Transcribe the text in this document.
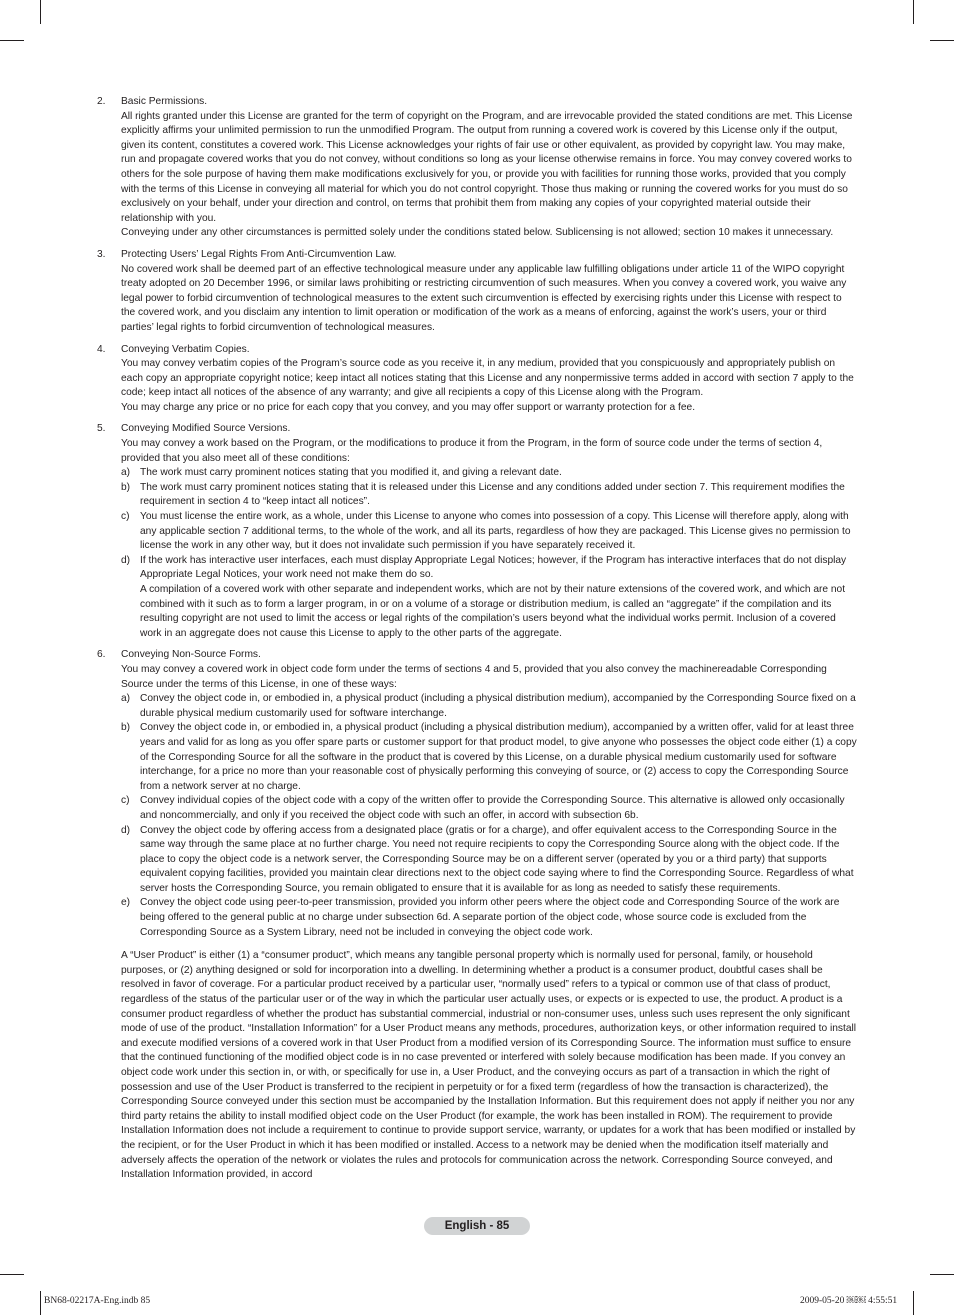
2. Basic Permissions.

All rights granted under this License are granted for the term of copyright on the Program, and are irrevocable provided the stated conditions are met. This License explicitly affirms your unlimited permission to run the unmodified Program. The output from running a covered work is covered by this License only if the output, given its content, constitutes a covered work. This License acknowledges your rights of fair use or other equivalent, as provided by copyright law. You may make, run and propagate covered works that you do not convey, without conditions so long as your license otherwise remains in force. You may convey covered works to others for the sole purpose of having them make modifications exclusively for you, or provide you with facilities for running those works, provided that you comply with the terms of this License in conveying all material for which you do not control copyright. Those thus making or running the covered works for you must do so exclusively on your behalf, under your direction and control, on terms that prohibit them from making any copies of your copyrighted material outside their relationship with you.

Conveying under any other circumstances is permitted solely under the conditions stated below. Sublicensing is not allowed; section 10 makes it unnecessary.

3. Protecting Users’ Legal Rights From Anti-Circumvention Law.

No covered work shall be deemed part of an effective technological measure under any applicable law fulfilling obligations under article 11 of the WIPO copyright treaty adopted on 20 December 1996, or similar laws prohibiting or restricting circumvention of such measures. When you convey a covered work, you waive any legal power to forbid circumvention of technological measures to the extent such circumvention is effected by exercising rights under this License with respect to the covered work, and you disclaim any intention to limit operation or modification of the work as a means of enforcing, against the work’s users, your or third parties’ legal rights to forbid circumvention of technological measures.

4. Conveying Verbatim Copies.

You may convey verbatim copies of the Program’s source code as you receive it, in any medium, provided that you conspicuously and appropriately publish on each copy an appropriate copyright notice; keep intact all notices stating that this License and any nonpermissive terms added in accord with section 7 apply to the code; keep intact all notices of the absence of any warranty; and give all recipients a copy of this License along with the Program.

You may charge any price or no price for each copy that you convey, and you may offer support or warranty protection for a fee.

5. Conveying Modified Source Versions.

You may convey a work based on the Program, or the modifications to produce it from the Program, in the form of source code under the terms of section 4, provided that you also meet all of these conditions:

a) The work must carry prominent notices stating that you modified it, and giving a relevant date.

b) The work must carry prominent notices stating that it is released under this License and any conditions added under section 7. This requirement modifies the requirement in section 4 to “keep intact all notices”.

c) You must license the entire work, as a whole, under this License to anyone who comes into possession of a copy. This License will therefore apply, along with any applicable section 7 additional terms, to the whole of the work, and all its parts, regardless of how they are packaged. This License gives no permission to license the work in any other way, but it does not invalidate such permission if you have separately received it.

d) If the work has interactive user interfaces, each must display Appropriate Legal Notices; however, if the Program has interactive interfaces that do not display Appropriate Legal Notices, your work need not make them do so.

A compilation of a covered work with other separate and independent works, which are not by their nature extensions of the covered work, and which are not combined with it such as to form a larger program, in or on a volume of a storage or distribution medium, is called an “aggregate” if the compilation and its resulting copyright are not used to limit the access or legal rights of the compilation’s users beyond what the individual works permit. Inclusion of a covered work in an aggregate does not cause this License to apply to the other parts of the aggregate.

6. Conveying Non-Source Forms.

You may convey a covered work in object code form under the terms of sections 4 and 5, provided that you also convey the machinereadable Corresponding Source under the terms of this License, in one of these ways:

a) Convey the object code in, or embodied in, a physical product (including a physical distribution medium), accompanied by the Corresponding Source fixed on a durable physical medium customarily used for software interchange.

b) Convey the object code in, or embodied in, a physical product (including a physical distribution medium), accompanied by a written offer, valid for at least three years and valid for as long as you offer spare parts or customer support for that product model, to give anyone who possesses the object code either (1) a copy of the Corresponding Source for all the software in the product that is covered by this License, on a durable physical medium customarily used for software interchange, for a price no more than your reasonable cost of physically performing this conveying of source, or (2) access to copy the Corresponding Source from a network server at no charge.

c) Convey individual copies of the object code with a copy of the written offer to provide the Corresponding Source. This alternative is allowed only occasionally and noncommercially, and only if you received the object code with such an offer, in accord with subsection 6b.

d) Convey the object code by offering access from a designated place (gratis or for a charge), and offer equivalent access to the Corresponding Source in the same way through the same place at no further charge. You need not require recipients to copy the Corresponding Source along with the object code. If the place to copy the object code is a network server, the Corresponding Source may be on a different server (operated by you or a third party) that supports equivalent copying facilities, provided you maintain clear directions next to the object code saying where to find the Corresponding Source. Regardless of what server hosts the Corresponding Source, you remain obligated to ensure that it is available for as long as needed to satisfy these requirements.

e) Convey the object code using peer-to-peer transmission, provided you inform other peers where the object code and Corresponding Source of the work are being offered to the general public at no charge under subsection 6d. A separate portion of the object code, whose source code is excluded from the Corresponding Source as a System Library, need not be included in conveying the object code work.

A “User Product” is either (1) a “consumer product”, which means any tangible personal property which is normally used for personal, family, or household purposes, or (2) anything designed or sold for incorporation into a dwelling. In determining whether a product is a consumer product, doubtful cases shall be resolved in favor of coverage. For a particular product received by a particular user, “normally used” refers to a typical or common use of that class of product, regardless of the status of the particular user or of the way in which the particular user actually uses, or expects or is expected to use, the product. A product is a consumer product regardless of whether the product has substantial commercial, industrial or non-consumer uses, unless such uses represent the only significant mode of use of the product. “Installation Information” for a User Product means any methods, procedures, authorization keys, or other information required to install and execute modified versions of a covered work in that User Product from a modified version of its Corresponding Source. The information must suffice to ensure that the continued functioning of the modified object code is in no case prevented or interfered with solely because modification has been made. If you convey an object code work under this section in, or with, or specifically for use in, a User Product, and the conveying occurs as part of a transaction in which the right of possession and use of the User Product is transferred to the recipient in perpetuity or for a fixed term (regardless of how the transaction is characterized), the Corresponding Source conveyed under this section must be accompanied by the Installation Information. But this requirement does not apply if neither you nor any third party retains the ability to install modified object code on the User Product (for example, the work has been installed in ROM). The requirement to provide Installation Information does not include a requirement to continue to provide support service, warranty, or updates for a work that has been modified or installed by the recipient, or for the User Product in which it has been modified or installed. Access to a network may be denied when the modification itself materially and adversely affects the operation of the network or violates the rules and protocols for communication across the network. Corresponding Source conveyed, and Installation Information provided, in accord

English - 85
BN68-02217A-Eng.indb 85	2009-05-20 ￼￼ 4:55:51
